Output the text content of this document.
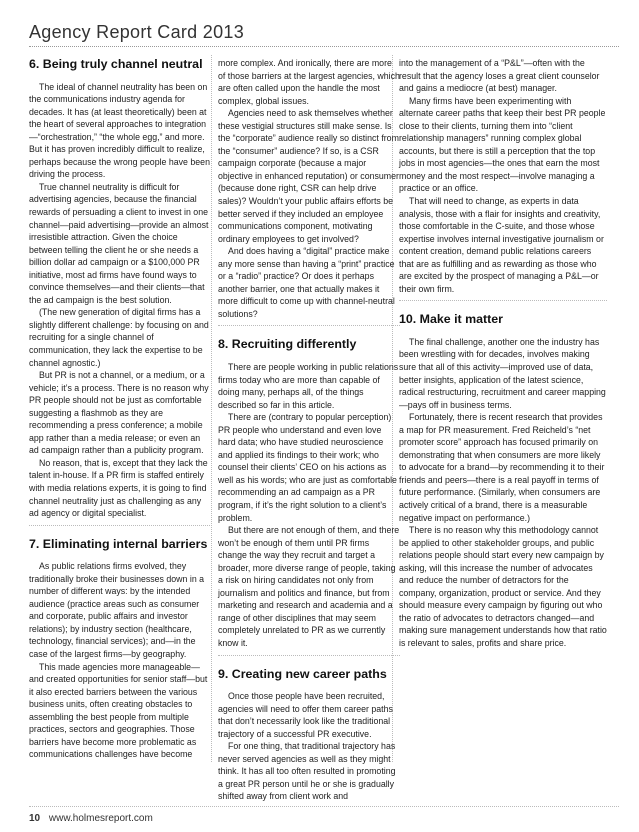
Agency Report Card 2013
6. Being truly channel neutral

The ideal of channel neutrality has been on the communications industry agenda for decades. It has (at least theoretically) been at the heart of several approaches to integration—“orchestration,” “the whole egg,” and more. But it has proven incredibly difficult to realize, perhaps because the wrong people have been driving the process.

True channel neutrality is difficult for advertising agencies, because the financial rewards of persuading a client to invest in one channel—paid advertising—provide an almost irresistible attraction. Given the choice between telling the client he or she needs a billion dollar ad campaign or a $100,000 PR initiative, most ad firms have found ways to convince themselves—and their clients—that the ad campaign is the best solution.

(The new generation of digital firms has a slightly different challenge: by focusing on and recruiting for a single channel of communication, they lack the expertise to be channel agnostic.)

But PR is not a channel, or a medium, or a vehicle; it’s a process. There is no reason why PR people should not be just as comfortable suggesting a flashmob as they are recommending a press conference; a mobile app rather than a media release; or even an ad campaign rather than a publicity program.

No reason, that is, except that they lack the talent in-house. If a PR firm is staffed entirely with media relations experts, it is going to find channel neutrality just as challenging as any ad agency or digital specialist.

7. Eliminating internal barriers

As public relations firms evolved, they traditionally broke their businesses down in a number of different ways: by the intended audience (practice areas such as consumer and corporate, public affairs and investor relations); by industry section (healthcare, technology, financial services); and—in the case of the largest firms—by geography.

This made agencies more manageable—and created opportunities for senior staff—but it also erected barriers between the various business units, often creating obstacles to assembling the best people from multiple practices, sectors and geographies. Those barriers have become more problematic as communications challenges have become

more complex. And ironically, there are more of those barriers at the largest agencies, which are often called upon the handle the most complex, global issues.

Agencies need to ask themselves whether these vestigial structures still make sense. Is the “corporate” audience really so distinct from the “consumer” audience? If so, is a CSR campaign corporate (because a major objective in enhanced reputation) or consumer (because done right, CSR can help drive sales)? Wouldn’t your public affairs efforts be better served if they included an employee communications component, motivating ordinary employees to get involved?

And does having a “digital” practice make any more sense than having a “print” practice or a “radio” practice? Or does it perhaps another barrier, one that actually makes it more difficult to come up with channel-neutral solutions?

8. Recruiting differently

There are people working in public relations firms today who are more than capable of doing many, perhaps all, of the things described so far in this article.

There are (contrary to popular perception) PR people who understand and even love hard data; who have studied neuroscience and applied its findings to their work; who counsel their clients’ CEO on his actions as well as his words; who are just as comfortable recommending an ad campaign as a PR program, if it’s the right solution to a client’s problem.

But there are not enough of them, and there won’t be enough of them until PR firms change the way they recruit and target a broader, more diverse range of people, taking a risk on hiring candidates not only from journalism and politics and finance, but from marketing and research and academia and a range of other disciplines that may seem completely unrelated to PR as we currently know it.

9. Creating new career paths

Once those people have been recruited, agencies will need to offer them career paths that don’t necessarily look like the traditional trajectory of a successful PR executive.

For one thing, that traditional trajectory has never served agencies as well as they might think. It has all too often resulted in promoting a great PR person until he or she is gradually shifted away from client work and

into the management of a “P&L”—often with the result that the agency loses a great client counselor and gains a mediocre (at best) manager.

Many firms have been experimenting with alternate career paths that keep their best PR people close to their clients, turning them into “client relationship managers” running complex global accounts, but there is still a perception that the top jobs in most agencies—the ones that earn the most money and the most respect—involve managing a practice or an office.

That will need to change, as experts in data analysis, those with a flair for insights and creativity, those comfortable in the C-suite, and those whose expertise involves internal investigative journalism or content creation, demand public relations careers that are as fulfilling and as rewarding as those who are excited by the prospect of managing a P&L—or their own firm.

10. Make it matter

The final challenge, another one the industry has been wrestling with for decades, involves making sure that all of this activity—improved use of data, better insights, application of the latest science, radical restructuring, recruitment and career mapping—pays off in business terms.

Fortunately, there is recent research that provides a map for PR measurement. Fred Reicheld’s “net promoter score” approach has focused primarily on demonstrating that when consumers are more likely to advocate for a brand—by recommending it to their friends and peers—there is a real payoff in terms of future performance. (Similarly, when consumers are actively critical of a brand, there is a measurable negative impact on performance.)

There is no reason why this methodology cannot be applied to other stakeholder groups, and public relations people should start every new campaign by asking, will this increase the number of advocates and reduce the number of detractors for the company, organization, product or service. And they should measure every campaign by figuring out who the ratio of advocates to detractors changed—and making sure management understands how that ratio is relevant to sales, profits and share price.

10 www.holmesreport.com
